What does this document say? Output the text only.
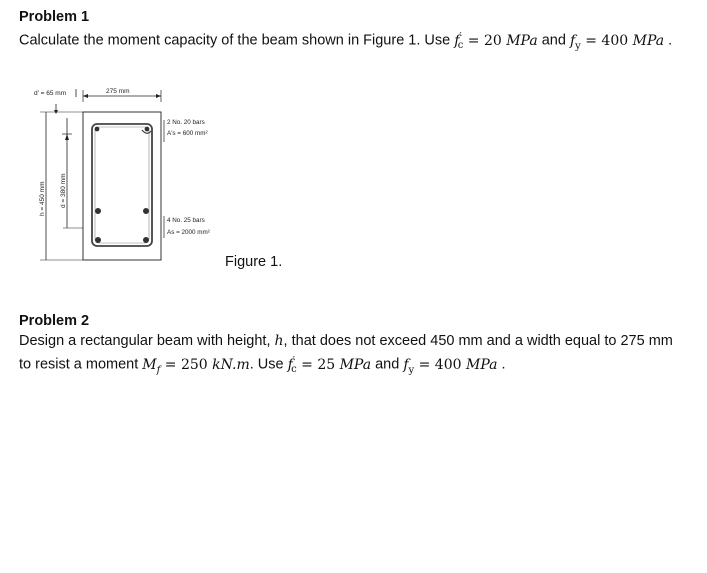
Problem 1

Calculate the moment capacity of the beam shown in Figure 1. Use $f'_c = 20$ MPa and $f_y = 400$ MPa .

d' = 65 mm	275 mm
h = 450 mm d = 380 mm
2 No. 20 bars
A's = 600 mm²
4 No. 25 bars
As = 2000 mm²

Figure 1.

Problem 2

Design a rectangular beam with height, h, that does not exceed 450 mm and a width equal to 275 mm

to resist a moment $M_f = 250$ kN.m. Use $f'_c = 25$ MPa and $f_y = 400$ MPa .
